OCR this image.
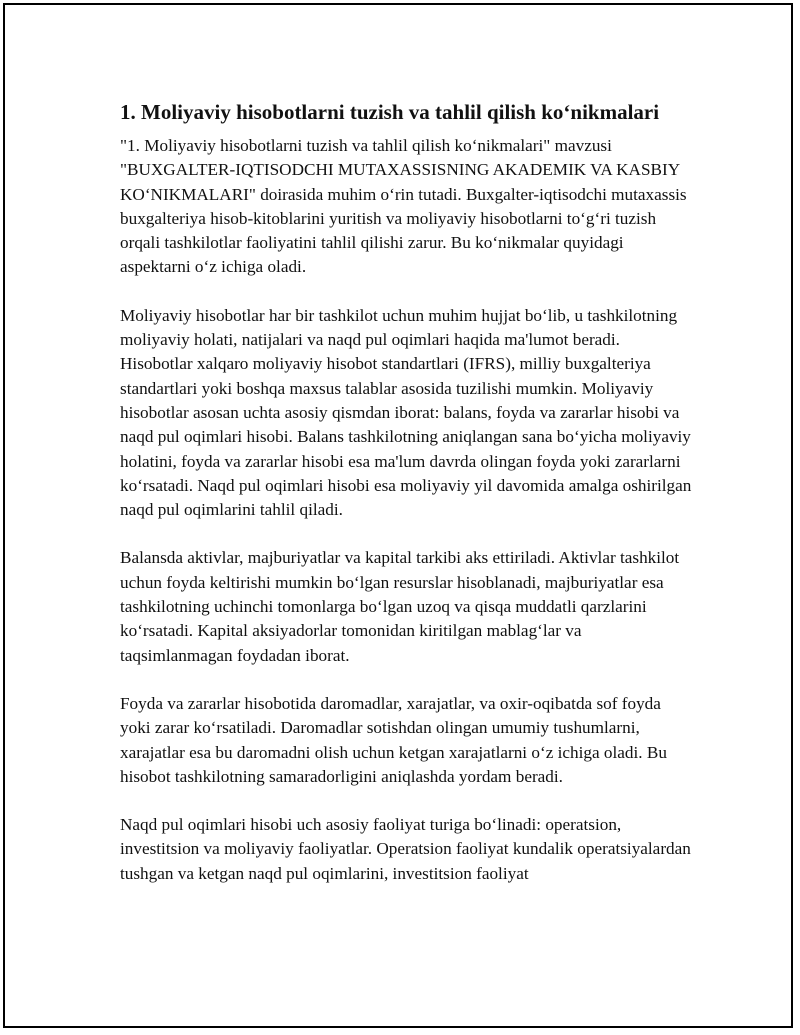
1. Moliyaviy hisobotlarni tuzish va tahlil qilish ko‘nikmalari

"1. Moliyaviy hisobotlarni tuzish va tahlil qilish ko‘nikmalari" mavzusi "BUXGALTER-IQTISODCHI MUTAXASSISNING AKADEMIK VA KASBIY KO‘NIKMALARI" doirasida muhim o‘rin tutadi. Buxgalter-iqtisodchi mutaxassis buxgalteriya hisob-kitoblarini yuritish va moliyaviy hisobotlarni to‘g‘ri tuzish orqali tashkilotlar faoliyatini tahlil qilishi zarur. Bu ko‘nikmalar quyidagi aspektarni o‘z ichiga oladi.

Moliyaviy hisobotlar har bir tashkilot uchun muhim hujjat bo‘lib, u tashkilotning moliyaviy holati, natijalari va naqd pul oqimlari haqida ma'lumot beradi. Hisobotlar xalqaro moliyaviy hisobot standartlari (IFRS), milliy buxgalteriya standartlari yoki boshqa maxsus talablar asosida tuzilishi mumkin. Moliyaviy hisobotlar asosan uchta asosiy qismdan iborat: balans, foyda va zararlar hisobi va naqd pul oqimlari hisobi. Balans tashkilotning aniqlangan sana bo‘yicha moliyaviy holatini, foyda va zararlar hisobi esa ma'lum davrda olingan foyda yoki zararlarni ko‘rsatadi. Naqd pul oqimlari hisobi esa moliyaviy yil davomida amalga oshirilgan naqd pul oqimlarini tahlil qiladi.

Balansda aktivlar, majburiyatlar va kapital tarkibi aks ettiriladi. Aktivlar tashkilot uchun foyda keltirishi mumkin bo‘lgan resurslar hisoblanadi, majburiyatlar esa tashkilotning uchinchi tomonlarga bo‘lgan uzoq va qisqa muddatli qarzlarini ko‘rsatadi. Kapital aksiyadorlar tomonidan kiritilgan mablag‘lar va taqsimlanmagan foydadan iborat.

Foyda va zararlar hisobotida daromadlar, xarajatlar, va oxir-oqibatda sof foyda yoki zarar ko‘rsatiladi. Daromadlar sotishdan olingan umumiy tushumlarni, xarajatlar esa bu daromadni olish uchun ketgan xarajatlarni o‘z ichiga oladi. Bu hisobot tashkilotning samaradorligini aniqlashda yordam beradi.

Naqd pul oqimlari hisobi uch asosiy faoliyat turiga bo‘linadi: operatsion, investitsion va moliyaviy faoliyatlar. Operatsion faoliyat kundalik operatsiyalardan tushgan va ketgan naqd pul oqimlarini, investitsion faoliyat
